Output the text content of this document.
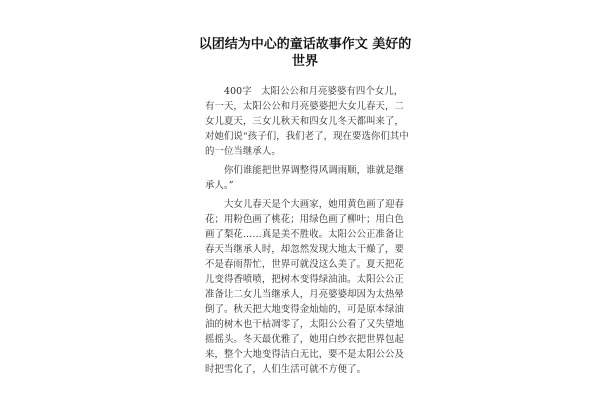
以团结为中心的童话故事作文 美好的
世界

400字　太阳公公和月亮婆婆有四个女儿，有一天，太阳公公和月亮婆婆把大女儿春天，二女儿夏天，三女儿秋天和四女儿冬天都叫来了，对她们说“孩子们，我们老了，现在要选你们其中的一位当继承人。

你们谁能把世界调整得风调雨顺，谁就是继承人。”

大女儿春天是个大画家，她用黄色画了迎春花；用粉色画了桃花；用绿色画了柳叶；用白色画了梨花……真是美不胜收。太阳公公正准备让春天当继承人时，却忽然发现大地太干燥了，要不是春雨帮忙，世界可就没这么美了。夏天把花儿变得香喷喷，把树木变得绿油油。太阳公公正准备让二女儿当继承人，月亮婆婆却因为太热晕倒了。秋天把大地变得金灿灿的，可是原本绿油油的树木也干枯凋零了，太阳公公看了又失望地摇摇头。冬天最优雅了，她用白纱衣把世界包起来，整个大地变得洁白无比，要不是太阳公公及时把雪化了，人们生活可就不方便了。
